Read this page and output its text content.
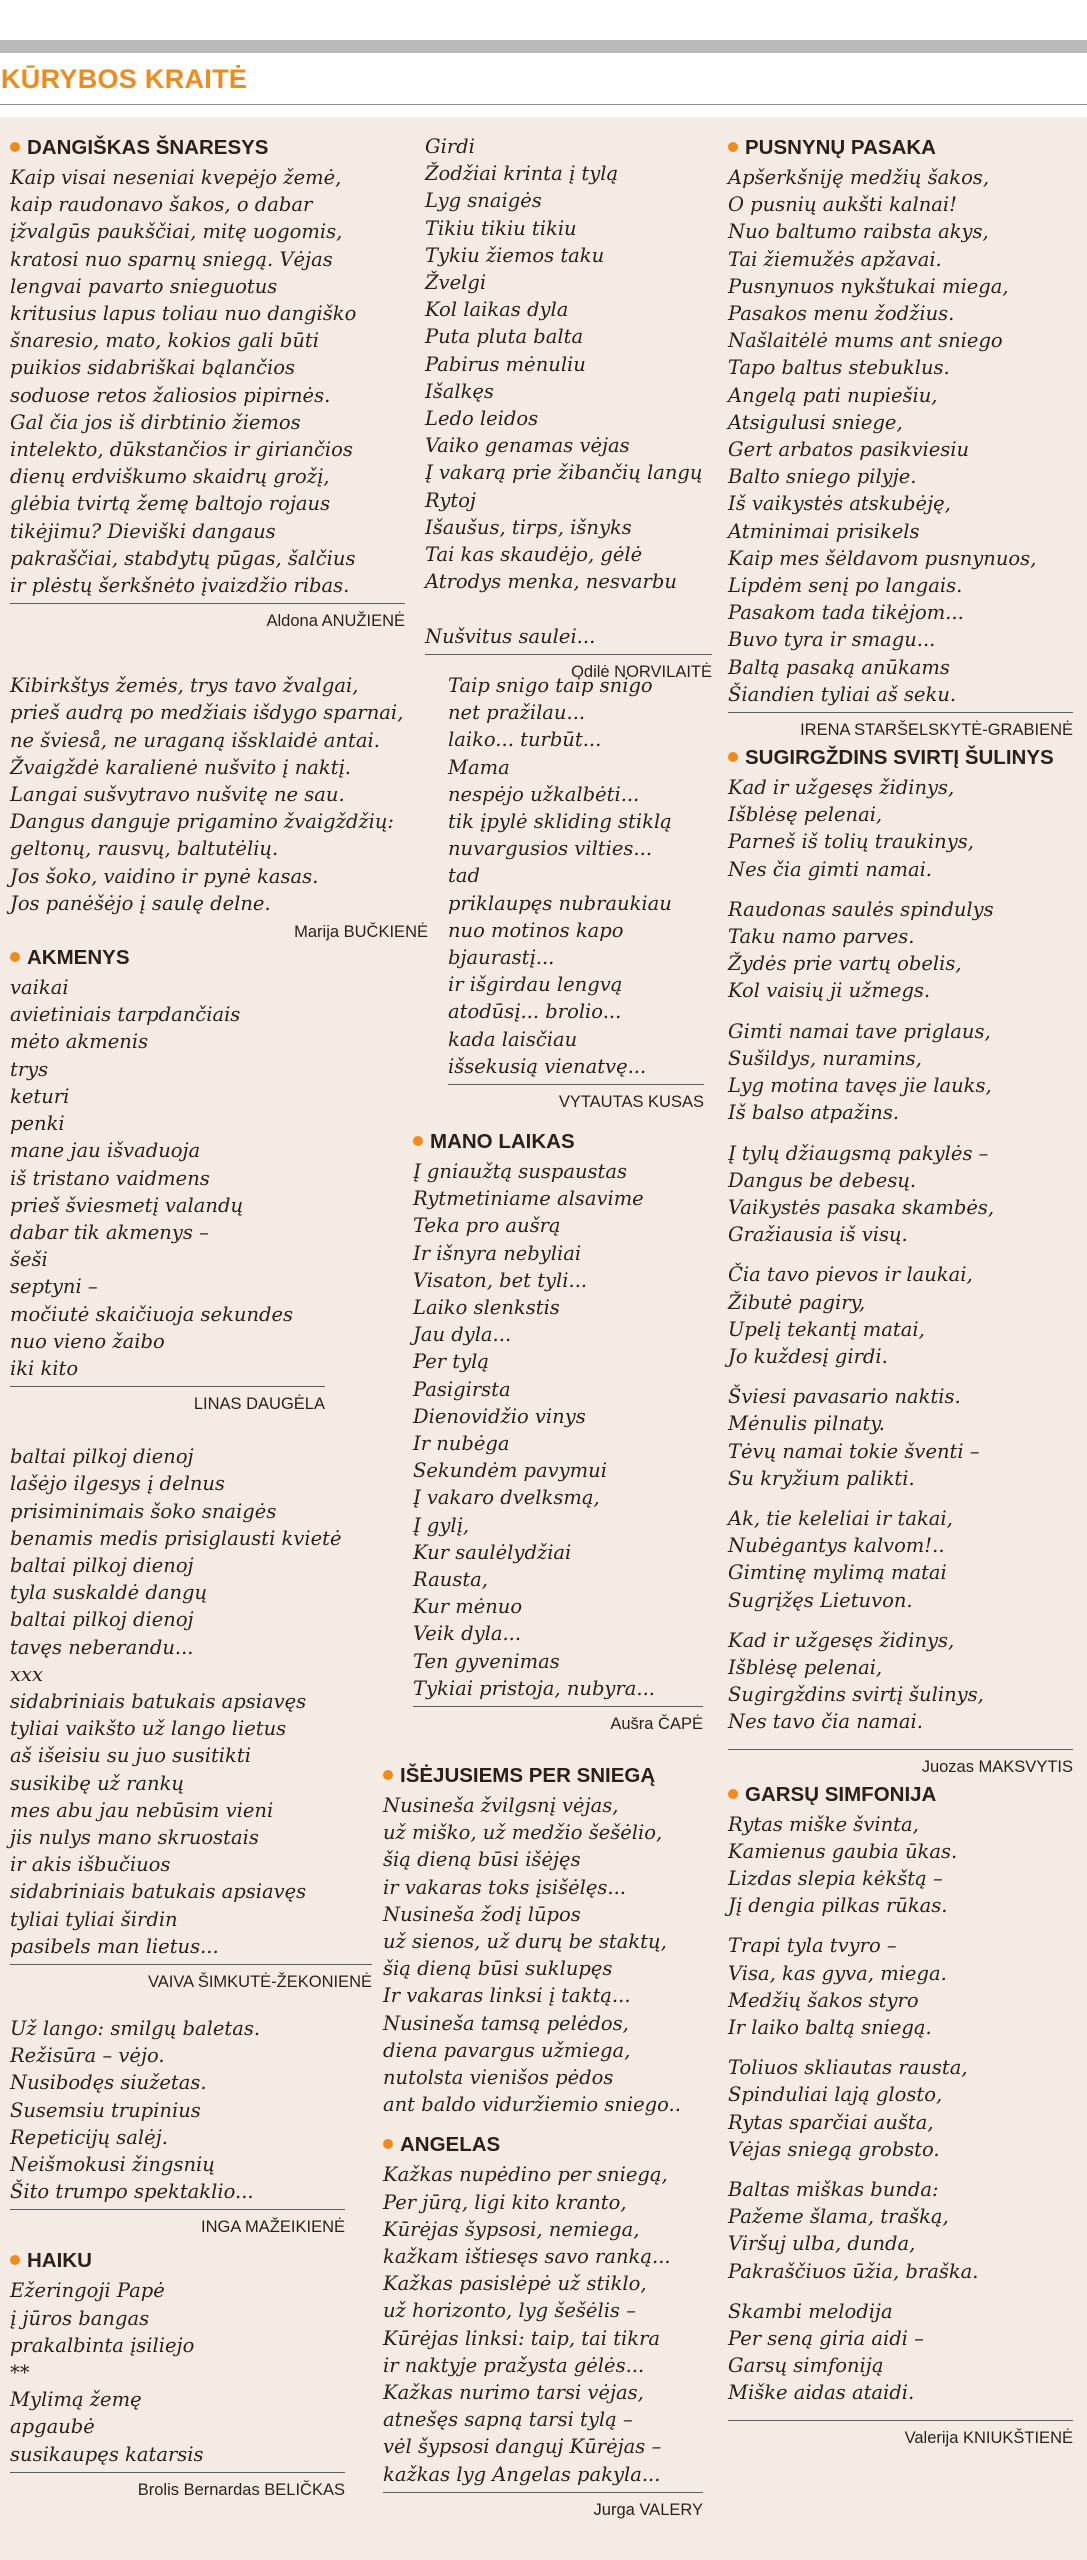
KŪRYBOS KRAITĖ
DANGIŠKAS ŠNARESYS
Kaip visai neseniai kvepėjo žemė,
kaip raudonavo šakos, o dabar
įžvalgūs paukščiai, mitę uogomis,
kratosi nuo sparnų sniegą. Vėjas
lengvai pavarto snieguotus
kritusius lapus toliau nuo dangiško
šnaresio, mato, kokios gali būti
puikios sidabriškai bąlančios
soduose retos žaliosios pipirnės.
Gal čia jos iš dirbtinio žiemos
intelekto, dūkstančios ir giriančios
dienų erdviškumo skaidrų grožį,
glėbia tvirtą žemę baltojo rojaus
tikėjimu? Dieviški dangaus
pakraščiai, stabdytų pūgas, šalčius
ir plėstų šerkšnėto įvaizdžio ribas.
Aldona ANUŽIENĖ
Kibirkštys žemės, trys tavo žvalgai,
prieš audrą po medžiais išdygo sparnai,
ne švieså, ne uraganą išsklaidė antai.
Žvaigždė karalienė nušvito į naktį.
Langai sušvytravo nušvitę ne sau.
Dangus danguje prigamino žvaigždžių:
geltonų, rausvų, baltutėlių.
Jos šoko, vaidino ir pynė kasas.
Jos panėšėjo į saulę delne.
Marija BUČKIENĖ
AKMENYS
vaikai
avietiniais tarpdančiais
mėto akmenis
trys
keturi
penki
mane jau išvaduoja
iš tristano vaidmens
prieš šviesmetį valandų
dabar tik akmenys –
šeši
septyni –
močiutė skaičiuoja sekundes
nuo vieno žaibo
iki kito
LINAS DAUGĖLA
baltai pilkoj dienoj
lašėjo ilgesys į delnus
prisiminimais šoko snaigės
benamis medis prisiglausti kvietė
baltai pilkoj dienoj
tyla suskaldė dangų
baltai pilkoj dienoj
tavęs neberandu...
xxx
sidabriniais batukais apsiavęs
tyliai vaikšto už lango lietus
aš išeisiu su juo susitikti
susikibę už rankų
mes abu jau nebūsim vieni
jis nulys mano skruostais
ir akis išbučiuos
sidabriniais batukais apsiavęs
tyliai tyliai širdin
pasibels man lietus...
VAIVA ŠIMKUTĖ-ŽEKONIENĖ
Už lango: smilgų baletas.
Režisūra – vėjo.
Nusibodęs siužetas.
Susemsiu trupinius
Repeticijų salėj.
Neišmokusi žingsnių
Šito trumpo spektaklio...
INGA MAŽEIKIENĖ
HAIKU
Ežeringoji Papė
į jūros bangas
prakalbinta įsiliejo
**
Mylimą žemę
apgaubė
susikaupęs katarsis
Brolis Bernardas BELIČKAS
Girdi
Žodžiai krinta į tylą
Lyg snaigės
Tikiu tikiu tikiu
Tykiu žiemos taku
Žvelgi
Kol laikas dyla
Puta pluta balta
Pabirus mėnuliu
Išalkęs
Ledo leidos
Vaiko genamas vėjas
Į vakarą prie žibančių langų
Rytoj
Išaušus, tirps, išnyks
Tai kas skaudėjo, gėlė
Atrodys menka, nesvarbu

Nušvitus saulei...
Odilė NORVILAITĖ
Taip snigo taip snigo
net pražilau...
laiko... turbūt...
Mama
nespėjo užkalbėti...
tik įpylė skliding stiklą
nuvargusios vilties...
tad
priklaupęs nubraukiau
nuo motinos kapo
bjaurastį...
ir išgirdau lengvą
atodūsį... brolio...
kada laisčiau
išsekusią vienatvę...
VYTAUTAS KUSAS
MANO LAIKAS
Į gniaužtą suspaustas
Rytmetiniame alsavime
Teka pro aušrą
Ir išnyra nebyliai
Visaton, bet tyli...
Laiko slenkstis
Jau dyla...
Per tylą
Pasigirsta
Dienovidžio vinys
Ir nubėga
Sekundėm pavymui
Į vakaro dvelksmą,
Į gylį,
Kur saulėlydžiai
Rausta,
Kur mėnuo
Veik dyla...
Ten gyvenimas
Tykiai pristoja, nubyra...
Aušra ČAPĖ
IŠĖJUSIEMS PER SNIEGĄ
Nusineša žvilgsnį vėjas,
už miško, už medžio šešėlio,
šią dieną būsi išėjęs
ir vakaras toks įsišėlęs...
Nusineša žodį lūpos
už sienos, už durų be staktų,
šią dieną būsi suklupęs
Ir vakaras linksi į taktą...
Nusineša tamsą pelėdos,
diena pavargus užmiega,
nutolsta vienišos pėdos
ant baldo viduržiemio sniego..
ANGELAS
Kažkas nupėdino per sniegą,
Per jūrą, ligi kito kranto,
Kūrėjas šypsosi, nemiega,
kažkam ištiesęs savo ranką...
Kažkas pasislėpė už stiklo,
už horizonto, lyg šešėlis –
Kūrėjas linksi: taip, tai tikra
ir naktyje pražysta gėlės...
Kažkas nurimo tarsi vėjas,
atnešęs sapną tarsi tylą –
vėl šypsosi danguj Kūrėjas –
kažkas lyg Angelas pakyla...
Jurga VALERY
PUSNYNŲ PASAKA
Apšerkšniję medžių šakos,
O pusnių aukšti kalnai!
Nuo baltumo raibsta akys,
Tai žiemužės apžavai.
Pusnynuos nykštukai miega,
Pasakos menu žodžius.
Našlaitėlė mums ant sniego
Tapo baltus stebuklus.
Angelą pati nupiešiu,
Atsigulusi sniege,
Gert arbatos pasikviesiu
Balto sniego pilyje.
Iš vaikystės atskubėję,
Atminimai prisikels
Kaip mes šėldavom pusnynuos,
Lipdėm senį po langais.
Pasakom tada tikėjom...
Buvo tyra ir smagu...
Baltą pasaką anūkams
Šiandien tyliai aš seku.
IRENA STARŠELSKYTĖ-GRABIENĖ
SUGIRGŽDINS SVIRTĮ ŠULINYS
Kad ir užgesęs židinys,
Išblėsę pelenai,
Parneš iš tolių traukinys,
Nes čia gimti namai.
Raudonas saulės spindulys
Taku namo parves.
Žydės prie vartų obelis,
Kol vaisių ji užmegs.
Gimti namai tave priglaus,
Sušildys, nuramins,
Lyg motina tavęs jie lauks,
Iš balso atpažins.
Į tylų džiaugsmą pakylės –
Dangus be debesų.
Vaikystės pasaka skambės,
Gražiausia iš visų.
Čia tavo pievos ir laukai,
Žibutė pagiry,
Upelį tekantį matai,
Jo kuždesį girdi.
Šviesi pavasario naktis.
Mėnulis pilnaty.
Tėvų namai tokie šventi –
Su kryžium palikti.
Ak, tie keleliai ir takai,
Nubėgantys kalvom!..
Gimtinę mylimą matai
Sugrįžęs Lietuvon.
Kad ir užgesęs židinys,
Išblėsę pelenai,
Sugirgždins svirtį šulinys,
Nes tavo čia namai.
Juozas MAKSVYTIS
GARSŲ SIMFONIJA
Rytas miške švinta,
Kamienus gaubia ūkas.
Lizdas slepia kėkštą –
Jį dengia pilkas rūkas.
Trapi tyla tvyro –
Visa, kas gyva, miega.
Medžių šakos styro
Ir laiko baltą sniegą.
Toliuos skliautas rausta,
Spinduliai lają glosto,
Rytas sparčiai aušta,
Vėjas sniegą grobsto.
Baltas miškas bunda:
Pažeme šlama, trašką,
Viršuj ulba, dunda,
Pakraščiuos ūžia, braška.
Skambi melodija
Per seną giria aidi –
Garsų simfoniją
Miške aidas ataidi.
Valerija KNIUKŠTIENĖ
